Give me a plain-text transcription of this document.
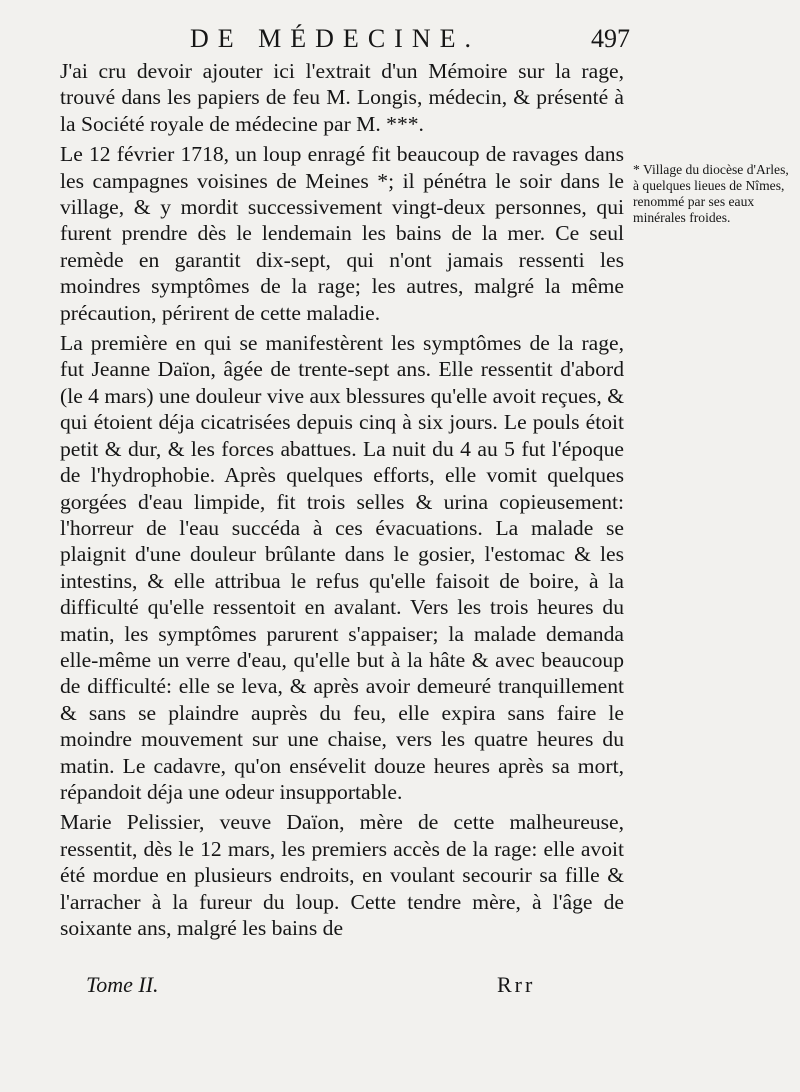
DE MÉDECINE.	497

J'ai cru devoir ajouter ici l'extrait d'un Mémoire sur la rage, trouvé dans les papiers de feu M. Longis, médecin, & présenté à la Société royale de médecine par M. ***.

Le 12 février 1718, un loup enragé fit beaucoup de ravages dans les campagnes voisines de Meines *; il pénétra le soir dans le village, & y mordit successivement vingt-deux personnes, qui furent prendre dès le lendemain les bains de la mer. Ce seul remède en garantit dix-sept, qui n'ont jamais ressenti les moindres symptômes de la rage; les autres, malgré la même précaution, périrent de cette maladie.

La première en qui se manifestèrent les symptômes de la rage, fut Jeanne Daïon, âgée de trente-sept ans. Elle ressentit d'abord (le 4 mars) une douleur vive aux blessures qu'elle avoit reçues, & qui étoient déja cicatrisées depuis cinq à six jours. Le pouls étoit petit & dur, & les forces abattues. La nuit du 4 au 5 fut l'époque de l'hydrophobie. Après quelques efforts, elle vomit quelques gorgées d'eau limpide, fit trois selles & urina copieusement: l'horreur de l'eau succéda à ces évacuations. La malade se plaignit d'une douleur brûlante dans le gosier, l'estomac & les intestins, & elle attribua le refus qu'elle faisoit de boire, à la difficulté qu'elle ressentoit en avalant. Vers les trois heures du matin, les symptômes parurent s'appaiser; la malade demanda elle-même un verre d'eau, qu'elle but à la hâte & avec beaucoup de difficulté: elle se leva, & après avoir demeuré tranquillement & sans se plaindre auprès du feu, elle expira sans faire le moindre mouvement sur une chaise, vers les quatre heures du matin. Le cadavre, qu'on ensévelit douze heures après sa mort, répandoit déja une odeur insupportable.

Marie Pelissier, veuve Daïon, mère de cette malheureuse, ressentit, dès le 12 mars, les premiers accès de la rage: elle avoit été mordue en plusieurs endroits, en voulant secourir sa fille & l'arracher à la fureur du loup. Cette tendre mère, à l'âge de soixante ans, malgré les bains de

* Village du diocèse d'Arles, à quelques lieues de Nîmes, renommé par ses eaux minérales froides.
Tome II.	Rrr
